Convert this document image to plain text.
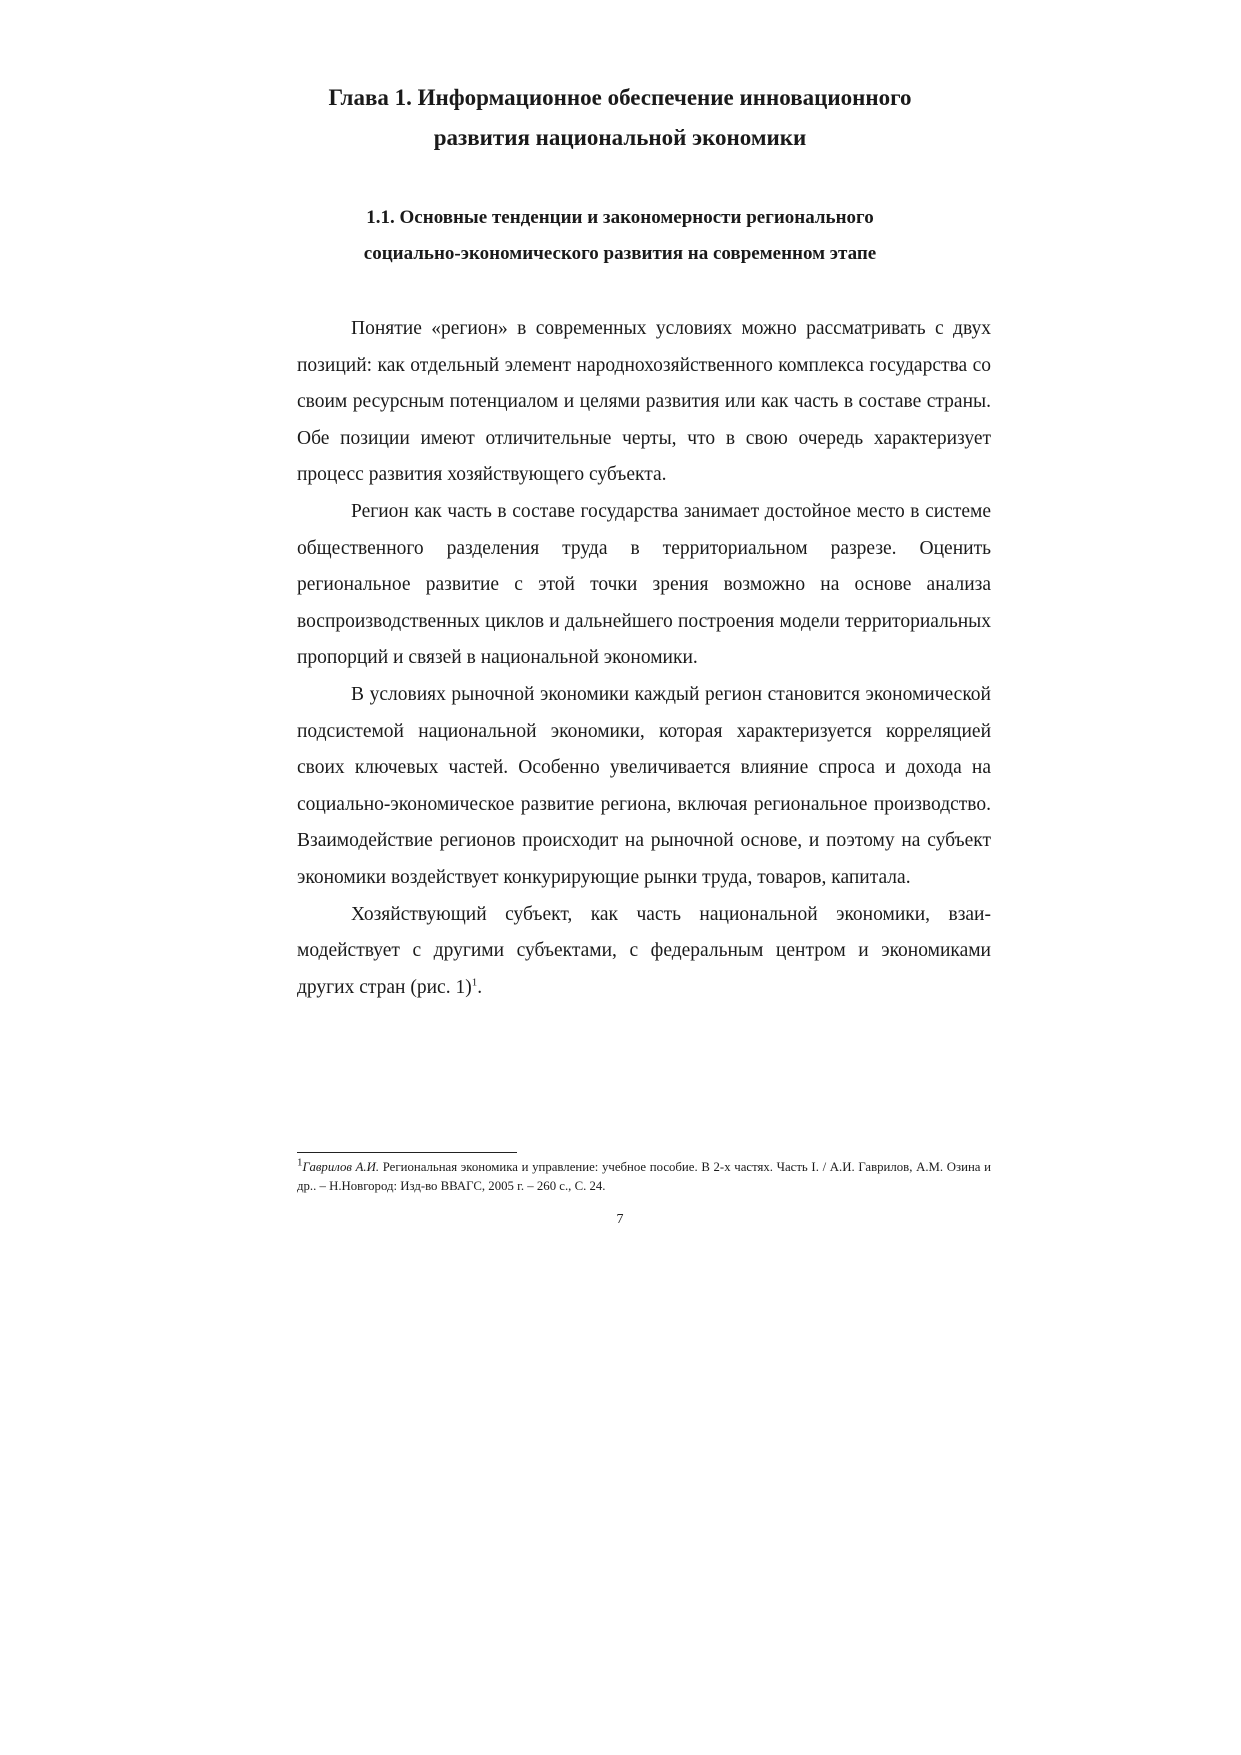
Глава 1. Информационное обеспечение инновационного
развития национальной экономики
1.1. Основные тенденции и закономерности регионального
социально-экономического развития на современном этапе

Понятие «регион» в современных условиях можно рассматривать с двух позиций: как отдельный элемент народнохозяйственного комплекса государства со своим ресурсным потенциалом и целями развития или как часть в составе страны. Обе позиции имеют отличительные черты, что в свою очередь характеризует процесс развития хозяйствующего субъекта.

Регион как часть в составе государства занимает достойное место в системе общественного разделения труда в территориальном разрезе. Оценить региональное развитие с этой точки зрения возможно на основе анализа воспроизводственных циклов и дальнейшего построения модели территориальных пропорций и связей в национальной экономики.

В условиях рыночной экономики каждый регион становится экономической подсистемой национальной экономики, которая характеризуется корреляцией своих ключевых частей. Особенно увеличивается влияние спроса и дохода на социально-экономическое развитие региона, включая региональное производство. Взаимодействие регионов происходит на рыночной основе, и поэтому на субъект экономики воздействует конкурирующие рынки труда, товаров, капитала.

Хозяйствующий субъект, как часть национальной экономики, взаимодействует с другими субъектами, с федеральным центром и экономиками других стран (рис. 1)$^1$.

$^1$Гаврилов А.И. Региональная экономика и управление: учебное пособие. В 2-х частях. Часть I. / А.И. Гаврилов, А.М. Озина и др.. – Н.Новгород: Изд-во ВВАГС, 2005 г. – 260 с., С. 24.

7
